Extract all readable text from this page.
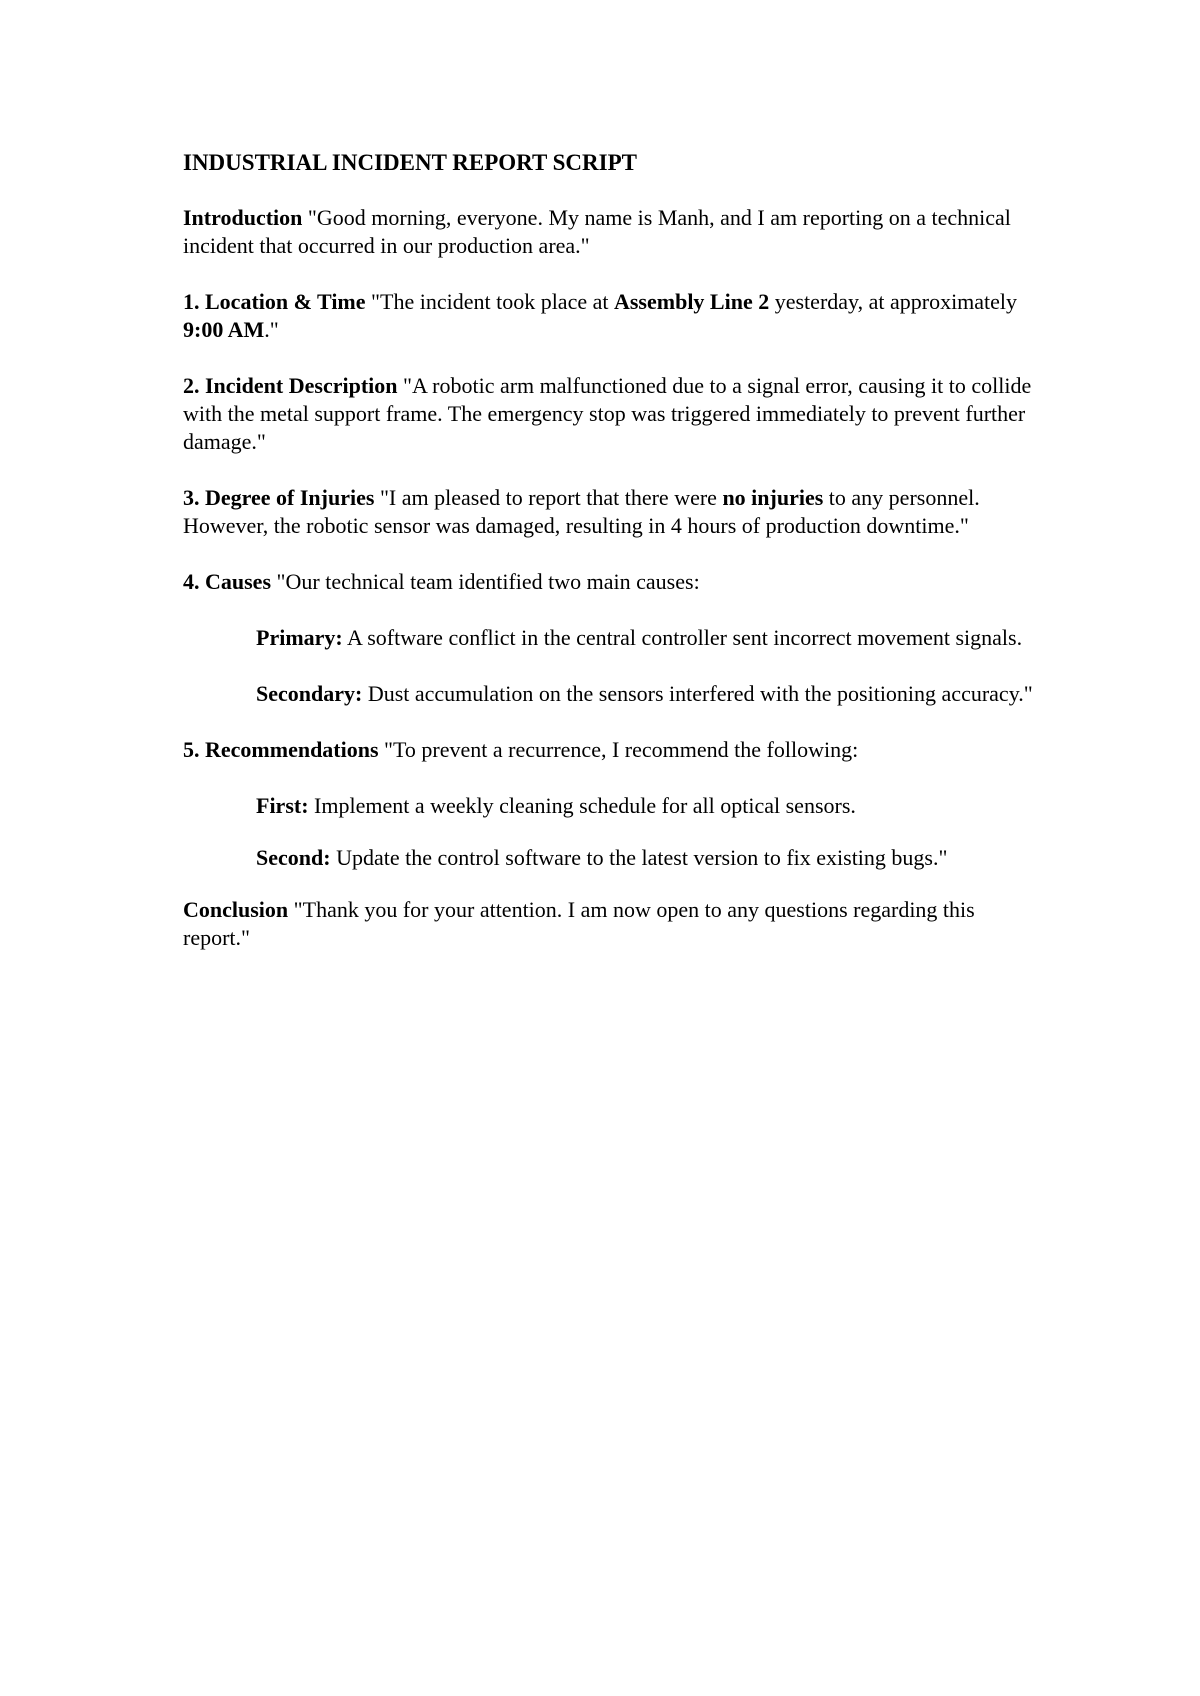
INDUSTRIAL INCIDENT REPORT SCRIPT

Introduction "Good morning, everyone. My name is Manh, and I am reporting on a technical incident that occurred in our production area."

1. Location & Time "The incident took place at Assembly Line 2 yesterday, at approximately 9:00 AM."

2. Incident Description "A robotic arm malfunctioned due to a signal error, causing it to collide with the metal support frame. The emergency stop was triggered immediately to prevent further damage."

3. Degree of Injuries "I am pleased to report that there were no injuries to any personnel. However, the robotic sensor was damaged, resulting in 4 hours of production downtime."

4. Causes "Our technical team identified two main causes:

Primary: A software conflict in the central controller sent incorrect movement signals.

Secondary: Dust accumulation on the sensors interfered with the positioning accuracy."

5. Recommendations "To prevent a recurrence, I recommend the following:

First: Implement a weekly cleaning schedule for all optical sensors.

Second: Update the control software to the latest version to fix existing bugs."

Conclusion "Thank you for your attention. I am now open to any questions regarding this report."
